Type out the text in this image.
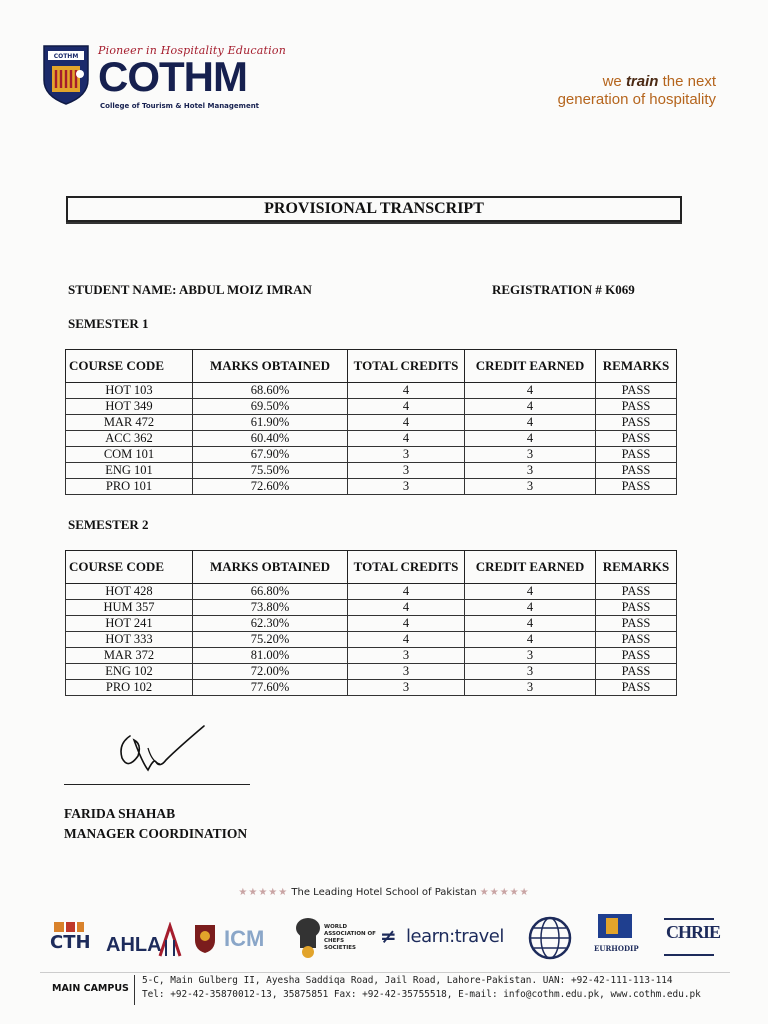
COTHM Pioneer in Hospitality Education
COTHM
College of Tourism & Hotel Management
we train the next
generation of hospitality
PROVISIONAL TRANSCRIPT
STUDENT NAME: ABDUL MOIZ IMRAN	REGISTRATION # K069
SEMESTER 1
COURSE CODE	MARKS OBTAINED	TOTAL CREDITS	CREDIT EARNED	REMARKS
HOT 103	68.60%	4	4	PASS
HOT 349	69.50%	4	4	PASS
MAR 472	61.90%	4	4	PASS
ACC 362	60.40%	4	4	PASS
COM 101	67.90%	3	3	PASS
ENG 101	75.50%	3	3	PASS
PRO 101	72.60%	3	3	PASS
SEMESTER 2
COURSE CODE	MARKS OBTAINED	TOTAL CREDITS	CREDIT EARNED	REMARKS
HOT 428	66.80%	4	4	PASS
HUM 357	73.80%	4	4	PASS
HOT 241	62.30%	4	4	PASS
HOT 333	75.20%	4	4	PASS
MAR 372	81.00%	3	3	PASS
ENG 102	72.00%	3	3	PASS
PRO 102	77.60%	3	3	PASS
FARIDA SHAHAB
MANAGER COORDINATION
★★★★★ The Leading Hotel School of Pakistan ★★★★★
CTH AHLA	ICM	WORLD ASSOCIATION OF CHEFS SOCIETIES	≠ learn:travel
EURHODIP
CHRIE
MAIN CAMPUS
5-C, Main Gulberg II, Ayesha Saddiqa Road, Jail Road, Lahore-Pakistan. UAN: +92-42-111-113-114
Tel: +92-42-35870012-13, 35875851 Fax: +92-42-35755518, E-mail: info@cothm.edu.pk, www.cothm.edu.pk
